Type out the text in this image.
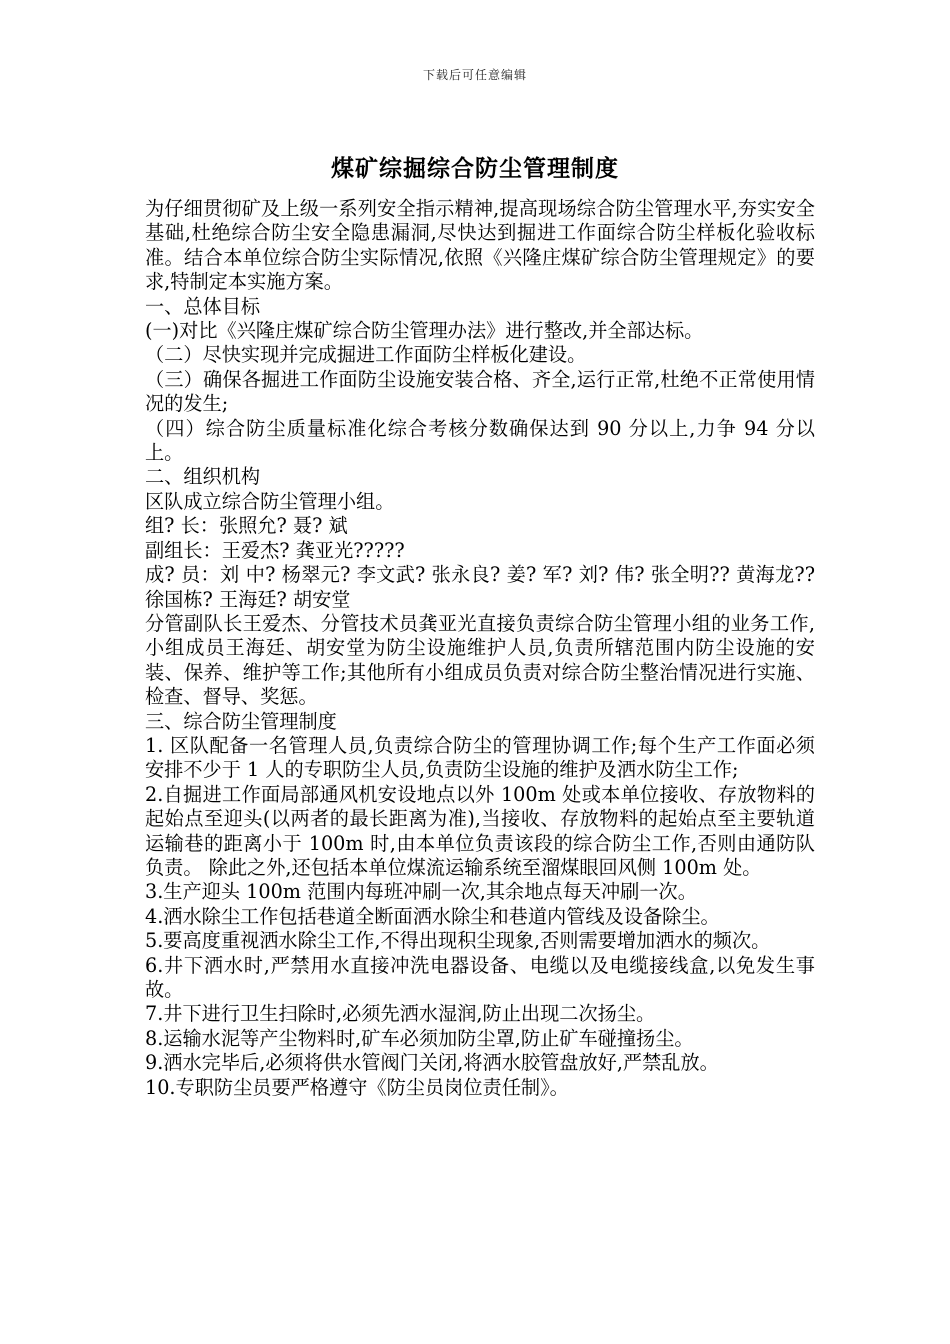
下载后可任意编辑
煤矿综掘综合防尘管理制度

为仔细贯彻矿及上级一系列安全指示精神,提高现场综合防尘管理水平,夯实安全基础,杜绝综合防尘安全隐患漏洞,尽快达到掘进工作面综合防尘样板化验收标准。结合本单位综合防尘实际情况,依照《兴隆庄煤矿综合防尘管理规定》的要求,特制定本实施方案。

一、总体目标

(一)对比《兴隆庄煤矿综合防尘管理办法》进行整改,并全部达标。

（二）尽快实现并完成掘进工作面防尘样板化建设。

（三）确保各掘进工作面防尘设施安装合格、齐全,运行正常,杜绝不正常使用情况的发生;

（四）综合防尘质量标准化综合考核分数确保达到 90 分以上,力争 94 分以上。

二、组织机构

区队成立综合防尘管理小组。

组? 长：张照允? 聂? 斌

副组长：王爱杰? 龚亚光?????

成? 员：刘 中? 杨翠元? 李文武? 张永良? 姜? 军? 刘? 伟? 张全明?? 黄海龙?? 徐国栋? 王海廷? 胡安堂

分管副队长王爱杰、分管技术员龚亚光直接负责综合防尘管理小组的业务工作,小组成员王海廷、胡安堂为防尘设施维护人员,负责所辖范围内防尘设施的安装、保养、维护等工作;其他所有小组成员负责对综合防尘整治情况进行实施、检查、督导、奖惩。

三、综合防尘管理制度

1. 区队配备一名管理人员,负责综合防尘的管理协调工作;每个生产工作面必须安排不少于 1 人的专职防尘人员,负责防尘设施的维护及洒水防尘工作;

2.自掘进工作面局部通风机安设地点以外 100m 处或本单位接收、存放物料的起始点至迎头(以两者的最长距离为准),当接收、存放物料的起始点至主要轨道运输巷的距离小于 100m 时,由本单位负责该段的综合防尘工作,否则由通防队负责。 除此之外,还包括本单位煤流运输系统至溜煤眼回风侧 100m 处。

3.生产迎头 100m 范围内每班冲刷一次,其余地点每天冲刷一次。

4.洒水除尘工作包括巷道全断面洒水除尘和巷道内管线及设备除尘。

5.要高度重视洒水除尘工作,不得出现积尘现象,否则需要增加洒水的频次。

6.井下洒水时,严禁用水直接冲洗电器设备、电缆以及电缆接线盒,以免发生事故。

7.井下进行卫生扫除时,必须先洒水湿润,防止出现二次扬尘。

8.运输水泥等产尘物料时,矿车必须加防尘罩,防止矿车碰撞扬尘。

9.洒水完毕后,必须将供水管阀门关闭,将洒水胶管盘放好,严禁乱放。

10.专职防尘员要严格遵守《防尘员岗位责任制》。
